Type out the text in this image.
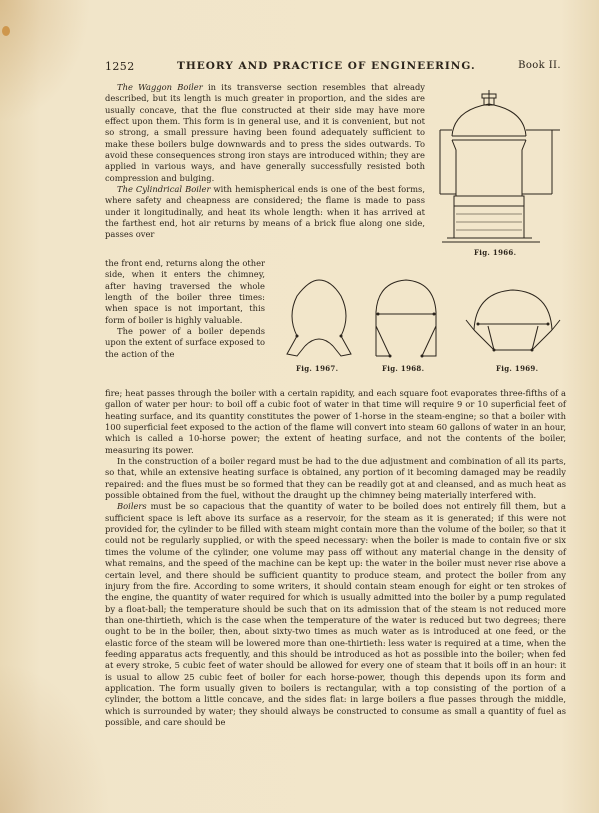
1252	THEORY AND PRACTICE OF ENGINEERING.	Book II.
Fig. 1966.
Fig. 1967.	Fig. 1968.	Fig. 1969.

The Waggon Boiler in its transverse section resembles that already described, but its length is much greater in proportion, and the sides are usually concave, that the flue constructed at their side may have more effect upon them. This form is in general use, and it is convenient, but not so strong, a small pressure having been found adequately sufficient to make these boilers bulge downwards and to press the sides outwards. To avoid these consequences strong iron stays are introduced within; they are applied in various ways, and have generally successfully resisted both compression and bulging.

The Cylindrical Boiler with hemispherical ends is one of the best forms, where safety and cheapness are considered; the flame is made to pass under it longitudinally, and heat its whole length: when it has arrived at the farthest end, hot air returns by means of a brick flue along one side, passes over

the front end, returns along the other side, when it enters the chimney, after having traversed the whole length of the boiler three times: when space is not important, this form of boiler is highly valuable.

The power of a boiler depends upon the extent of surface exposed to the action of the

fire; heat passes through the boiler with a certain rapidity, and each square foot evaporates three-fifths of a gallon of water per hour: to boil off a cubic foot of water in that time will require 9 or 10 superficial feet of heating surface, and its quantity constitutes the power of 1-horse in the steam-engine; so that a boiler with 100 superficial feet exposed to the action of the flame will convert into steam 60 gallons of water in an hour, which is called a 10-horse power; the extent of heating surface, and not the contents of the boiler, measuring its power.

In the construction of a boiler regard must be had to the due adjustment and combination of all its parts, so that, while an extensive heating surface is obtained, any portion of it becoming damaged may be readily repaired: and the flues must be so formed that they can be readily got at and cleansed, and as much heat as possible obtained from the fuel, without the draught up the chimney being materially interfered with.

Boilers must be so capacious that the quantity of water to be boiled does not entirely fill them, but a sufficient space is left above its surface as a reservoir, for the steam as it is generated; if this were not provided for, the cylinder to be filled with steam might contain more than the volume of the boiler, so that it could not be regularly supplied, or with the speed necessary: when the boiler is made to contain five or six times the volume of the cylinder, one volume may pass off without any material change in the density of what remains, and the speed of the machine can be kept up: the water in the boiler must never rise above a certain level, and there should be sufficient quantity to produce steam, and protect the boiler from any injury from the fire. According to some writers, it should contain steam enough for eight or ten strokes of the engine, the quantity of water required for which is usually admitted into the boiler by a pump regulated by a float-ball; the temperature should be such that on its admission that of the steam is not reduced more than one-thirtieth, which is the case when the temperature of the water is reduced but two degrees; there ought to be in the boiler, then, about sixty-two times as much water as is introduced at one feed, or the elastic force of the steam will be lowered more than one-thirtieth: less water is required at a time, when the feeding apparatus acts frequently, and this should be introduced as hot as possible into the boiler; when fed at every stroke, 5 cubic feet of water should be allowed for every one of steam that it boils off in an hour: it is usual to allow 25 cubic feet of boiler for each horse-power, though this depends upon its form and application. The form usually given to boilers is rectangular, with a top consisting of the portion of a cylinder, the bottom a little concave, and the sides flat: in large boilers a flue passes through the middle, which is surrounded by water; they should always be constructed to consume as small a quantity of fuel as possible, and care should be
